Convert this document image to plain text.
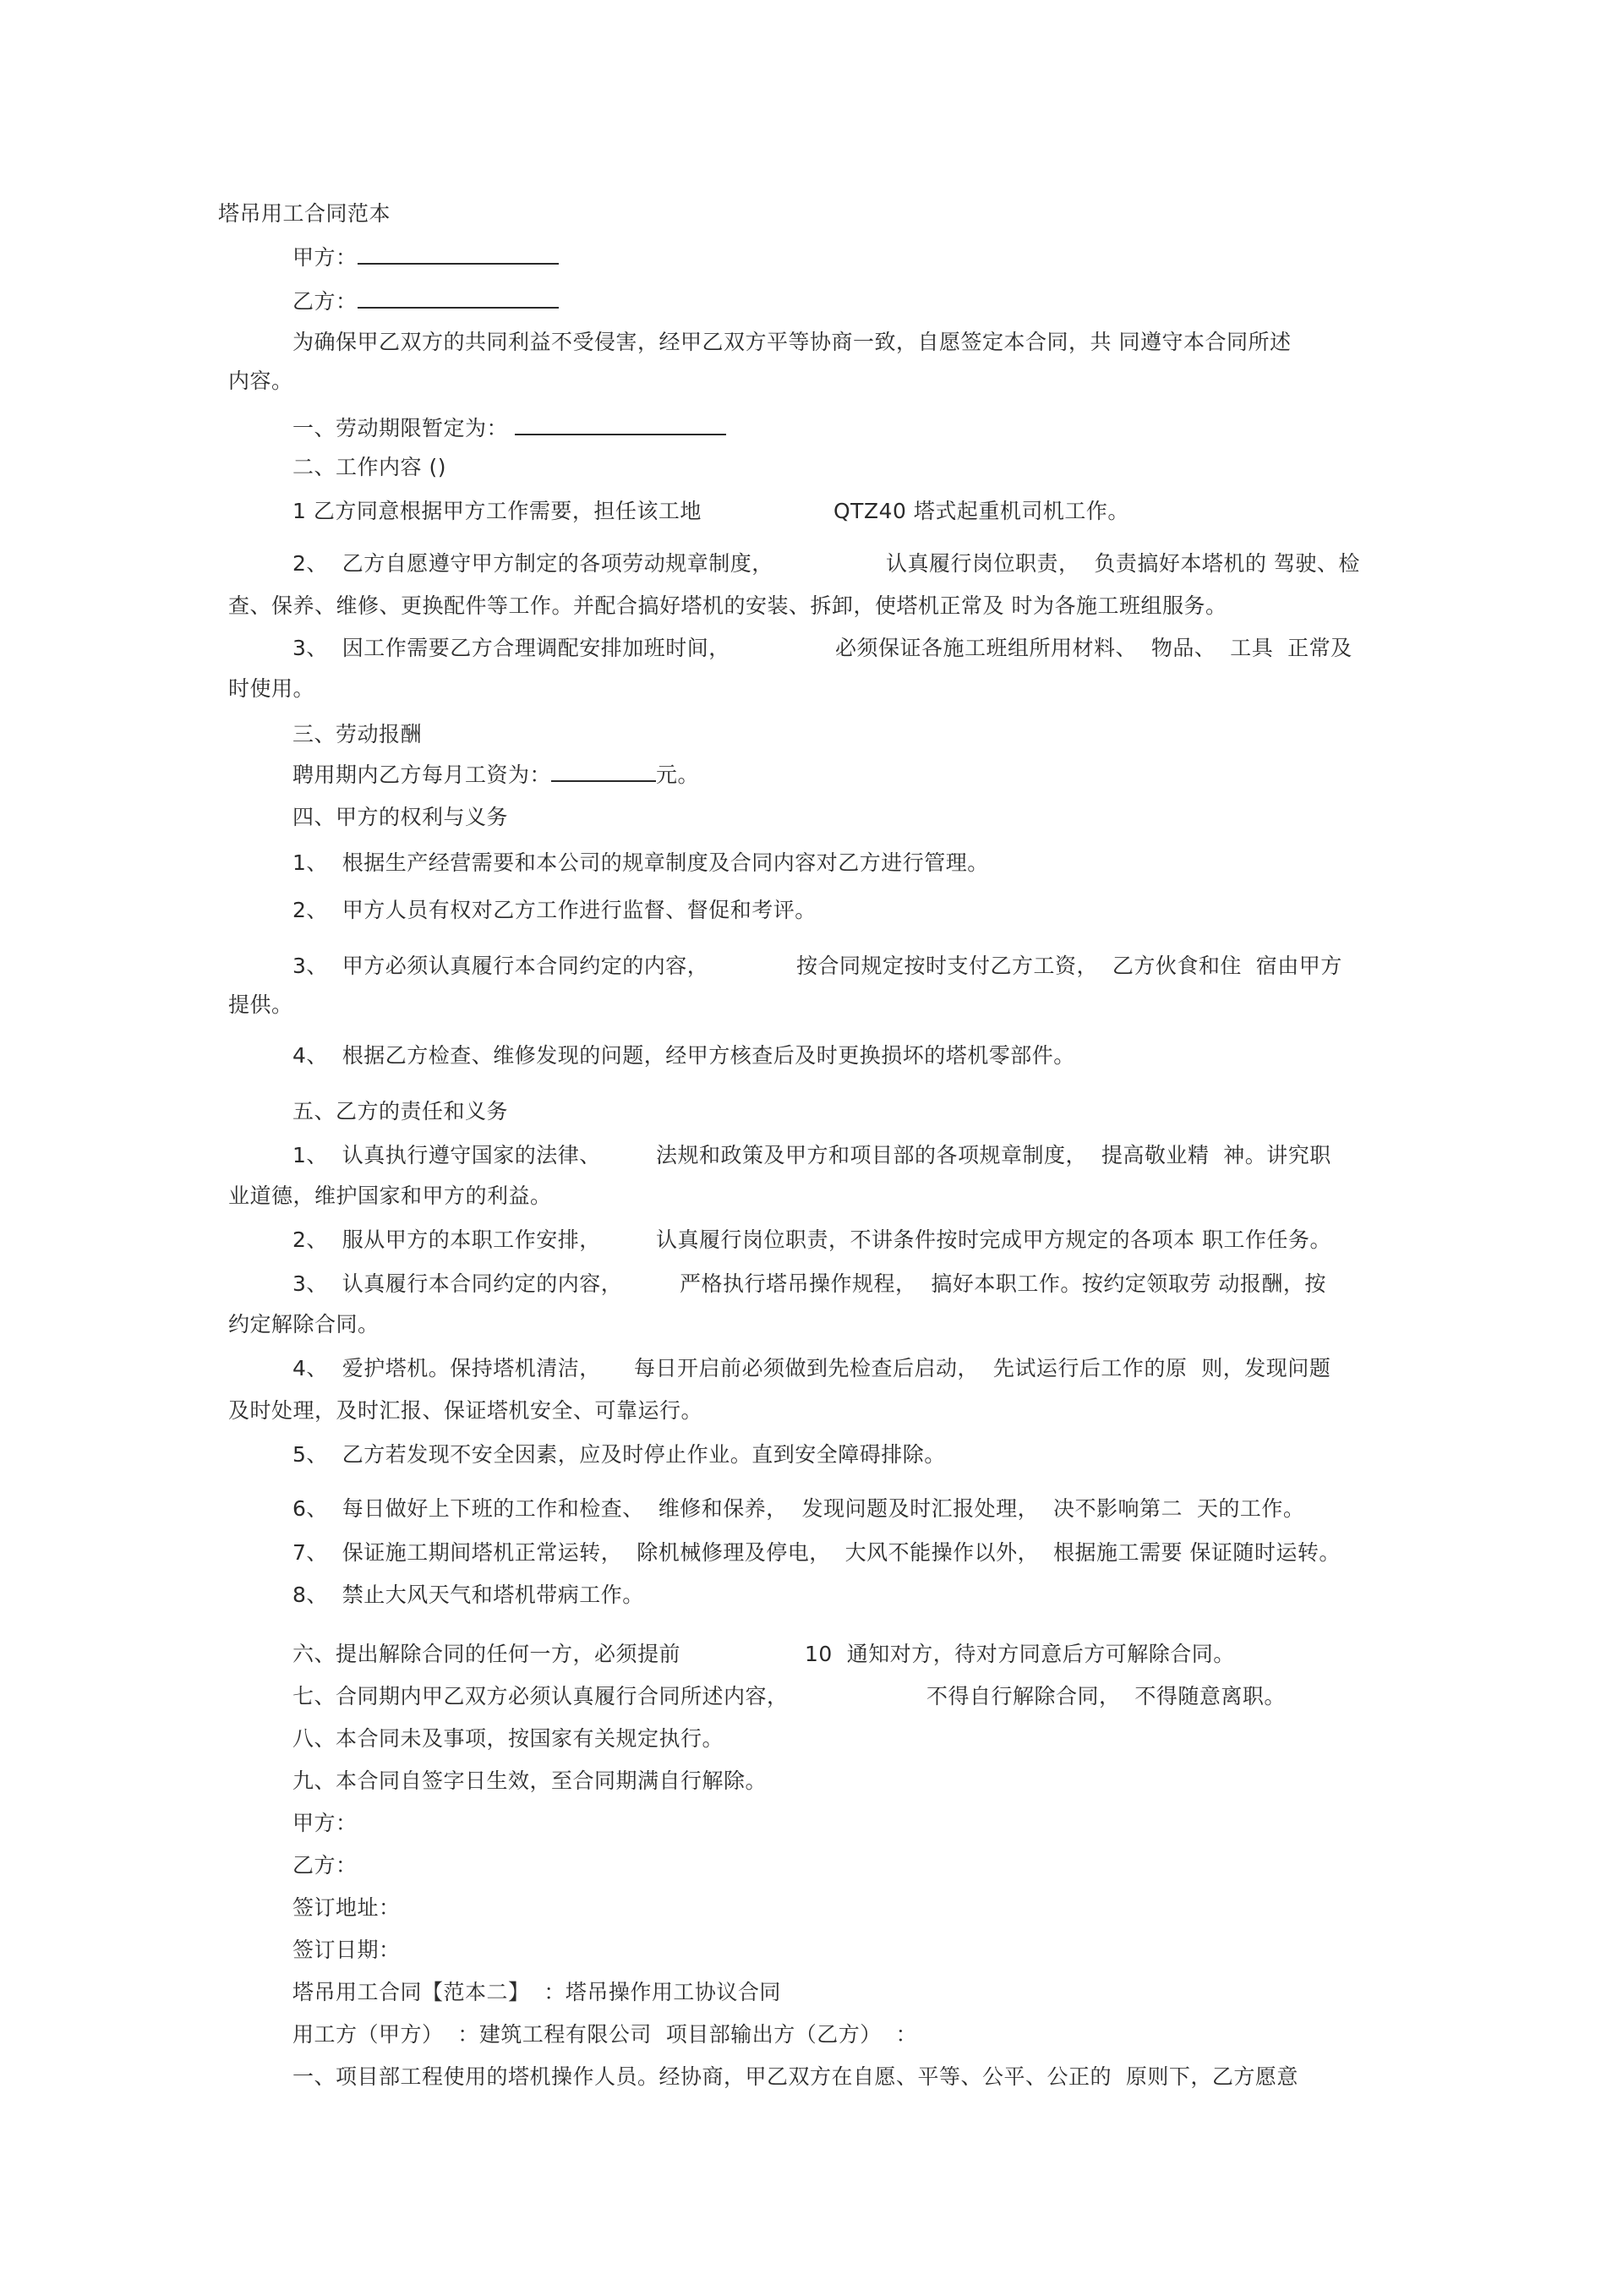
塔吊用工合同范本
甲方：
乙方：
为确保甲乙双方的共同利益不受侵害，经甲乙双方平等协商一致，自愿签定本合同，共 同遵守本合同所述
内容。
一、劳动期限暂定为：
二、工作内容 ()
1 乙方同意根据甲方工作需要，担任该工地	QTZ40 塔式起重机司机工作。
2、  乙方自愿遵守甲方制定的各项劳动规章制度，	认真履行岗位职责，  负责搞好本塔机的 驾驶、检
查、保养、维修、更换配件等工作。并配合搞好塔机的安装、拆卸，使塔机正常及 时为各施工班组服务。
3、  因工作需要乙方合理调配安排加班时间，	必须保证各施工班组所用材料、  物品、  工具  正常及
时使用。
三、劳动报酬
聘用期内乙方每月工资为：	元。
四、甲方的权利与义务
1、  根据生产经营需要和本公司的规章制度及合同内容对乙方进行管理。
2、  甲方人员有权对乙方工作进行监督、督促和考评。
3、  甲方必须认真履行本合同约定的内容，	按合同规定按时支付乙方工资，  乙方伙食和住  宿由甲方
提供。
4、  根据乙方检查、维修发现的问题，经甲方核查后及时更换损坏的塔机零部件。
五、乙方的责任和义务
1、  认真执行遵守国家的法律、	法规和政策及甲方和项目部的各项规章制度，  提高敬业精  神。讲究职
业道德，维护国家和甲方的利益。
2、  服从甲方的本职工作安排，	认真履行岗位职责，不讲条件按时完成甲方规定的各项本 职工作任务。
3、  认真履行本合同约定的内容，	严格执行塔吊操作规程，  搞好本职工作。按约定领取劳 动报酬，按
约定解除合同。
4、  爱护塔机。保持塔机清洁， 每日开启前必须做到先检查后启动，  先试运行后工作的原  则，发现问题
及时处理，及时汇报、保证塔机安全、可靠运行。
5、  乙方若发现不安全因素，应及时停止作业。直到安全障碍排除。
6、  每日做好上下班的工作和检查、  维修和保养，  发现问题及时汇报处理，  决不影响第二  天的工作。
7、  保证施工期间塔机正常运转，  除机械修理及停电，  大风不能操作以外，  根据施工需要 保证随时运转。
8、  禁止大风天气和塔机带病工作。
六、提出解除合同的任何一方，必须提前	10  通知对方，待对方同意后方可解除合同。
七、合同期内甲乙双方必须认真履行合同所述内容，	不得自行解除合同，  不得随意离职。
八、本合同未及事项，按国家有关规定执行。
九、本合同自签字日生效，至合同期满自行解除。
甲方：
乙方：
签订地址：
签订日期：
塔吊用工合同【范本二】  ：塔吊操作用工协议合同
用工方（甲方）  ：建筑工程有限公司  项目部输出方（乙方）  ：
一、项目部工程使用的塔机操作人员。经协商，甲乙双方在自愿、平等、公平、公正的  原则下，乙方愿意
